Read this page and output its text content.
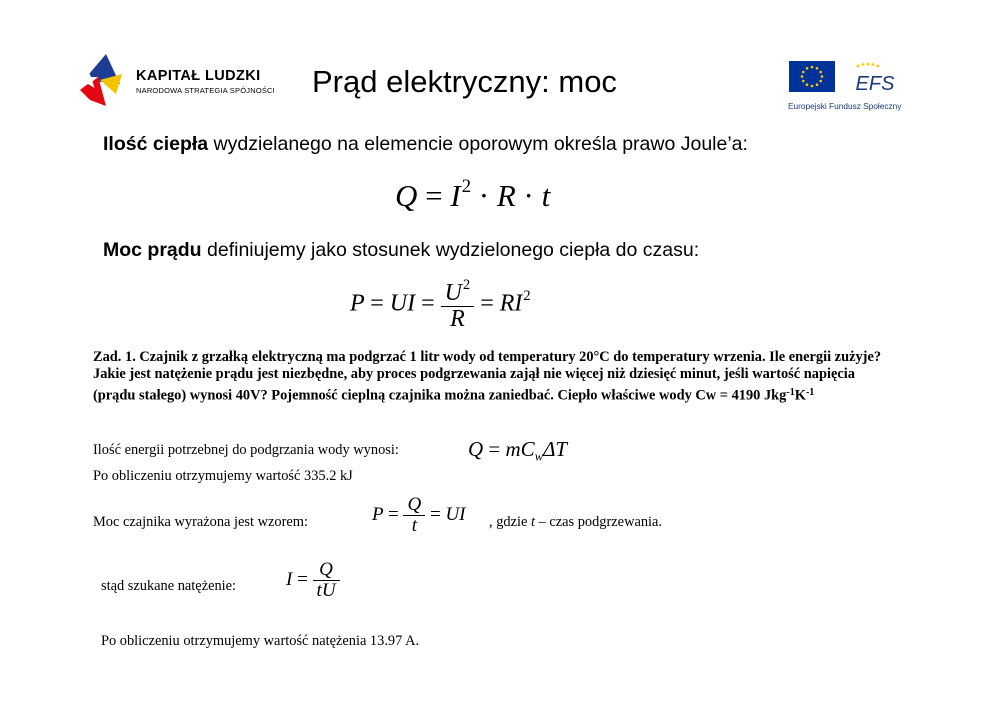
KAPITAŁ LUDZKI
NARODOWA STRATEGIA SPÓJNOŚCI Prąd elektryczny: moc	EFS
Europejski Fundusz Społeczny
Ilość ciepła wydzielanego na elemencie oporowym określa prawo Joule’a:
$Q = I^2 \cdot R \cdot t$
Moc prądu definiujemy jako stosunek wydzielonego ciepła do czasu:
P = UI = $\frac{U^2}{R} = RI^2$
Zad. 1. Czajnik z grzałką elektryczną ma podgrzać 1 litr wody od temperatury 20°C do temperatury wrzenia. Ile energii zużyje? Jakie jest natężenie prądu jest niezbędne, aby proces podgrzewania zajął nie więcej niż dziesięć minut, jeśli wartość napięcia (prądu stałego) wynosi 40V? Pojemność cieplną czajnika można zaniedbać. Ciepło właściwe wody Cw = 4190 $Jkg^{-1}K^{-1}$
Ilość energii potrzebnej do podgrzania wody wynosi:	$Q = mC_w\Delta T$
Po obliczeniu otrzymujemy wartość 335.2 kJ
Moc czajnika wyrażona jest wzorem:	$P = \frac{Q}{t}$ = UI , gdzie t – czas podgrzewania.
stąd szukane natężenie:	$I = \frac{Q}{tU}$
Po obliczeniu otrzymujemy wartość natężenia 13.97 A.
